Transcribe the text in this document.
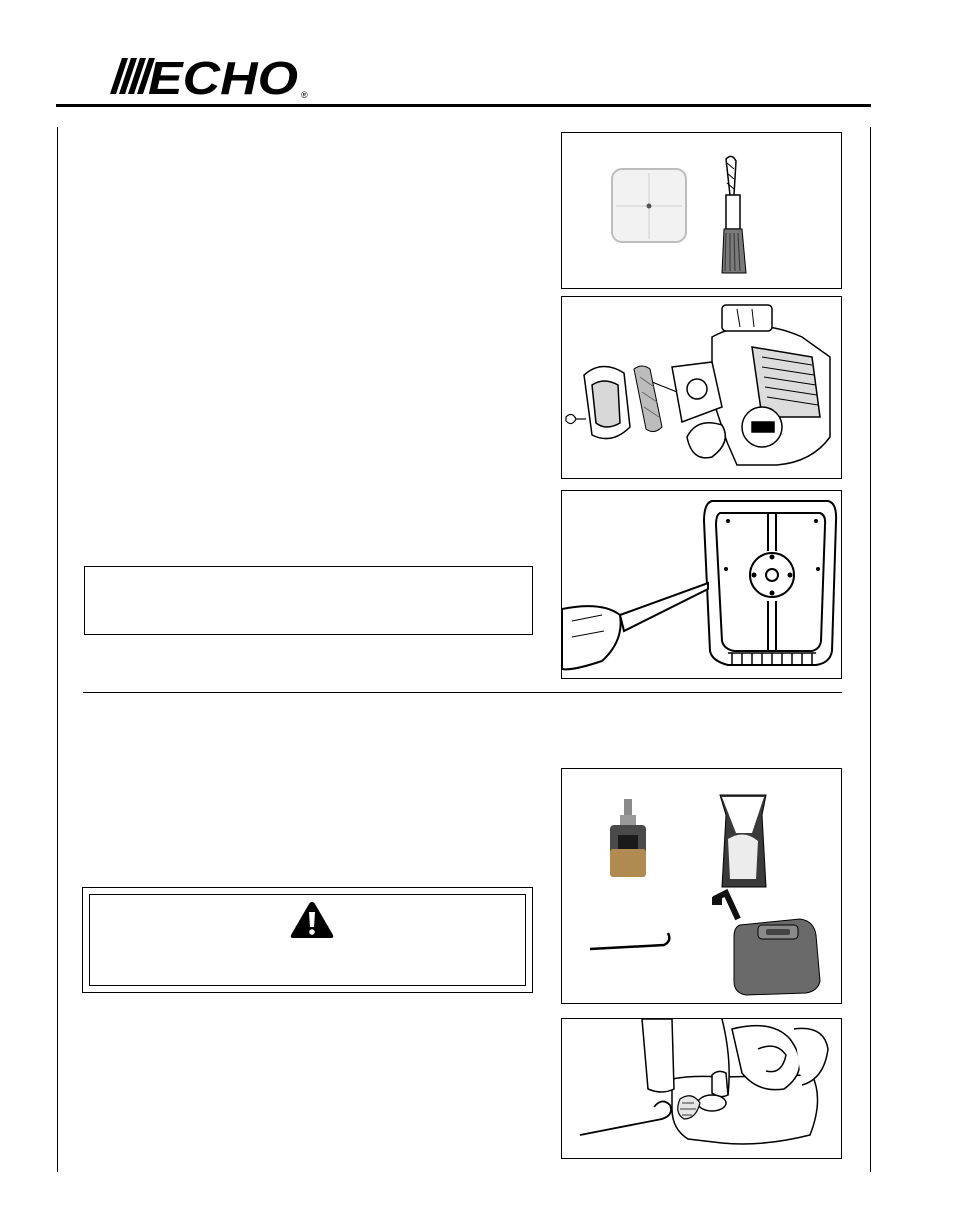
ECHO ®
